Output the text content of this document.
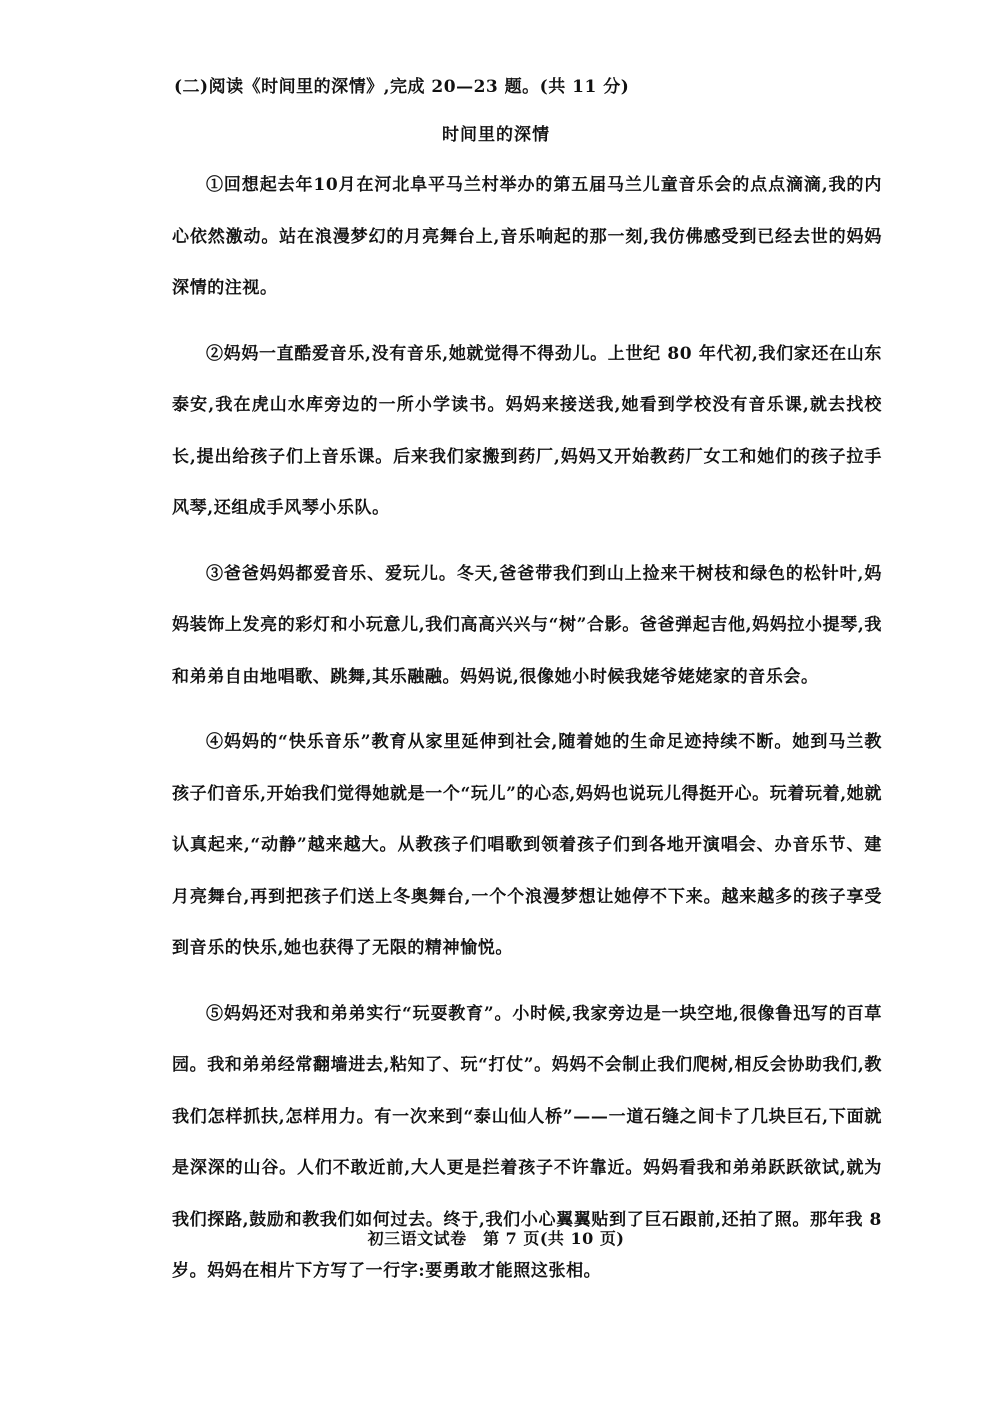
(二)阅读《时间里的深情》,完成 20—23 题。(共 11 分)
时间里的深情

①回想起去年10月在河北阜平马兰村举办的第五届马兰儿童音乐会的点点滴滴,我的内心依然激动。站在浪漫梦幻的月亮舞台上,音乐响起的那一刻,我仿佛感受到已经去世的妈妈深情的注视。

②妈妈一直酷爱音乐,没有音乐,她就觉得不得劲儿。上世纪 80 年代初,我们家还在山东泰安,我在虎山水库旁边的一所小学读书。妈妈来接送我,她看到学校没有音乐课,就去找校长,提出给孩子们上音乐课。后来我们家搬到药厂,妈妈又开始教药厂女工和她们的孩子拉手风琴,还组成手风琴小乐队。

③爸爸妈妈都爱音乐、爱玩儿。冬天,爸爸带我们到山上捡来干树枝和绿色的松针叶,妈妈装饰上发亮的彩灯和小玩意儿,我们高高兴兴与“树”合影。爸爸弹起吉他,妈妈拉小提琴,我和弟弟自由地唱歌、跳舞,其乐融融。妈妈说,很像她小时候我姥爷姥姥家的音乐会。

④妈妈的“快乐音乐”教育从家里延伸到社会,随着她的生命足迹持续不断。她到马兰教孩子们音乐,开始我们觉得她就是一个“玩儿”的心态,妈妈也说玩儿得挺开心。玩着玩着,她就认真起来,“动静”越来越大。从教孩子们唱歌到领着孩子们到各地开演唱会、办音乐节、建月亮舞台,再到把孩子们送上冬奥舞台,一个个浪漫梦想让她停不下来。越来越多的孩子享受到音乐的快乐,她也获得了无限的精神愉悦。

⑤妈妈还对我和弟弟实行“玩耍教育”。小时候,我家旁边是一块空地,很像鲁迅写的百草园。我和弟弟经常翻墙进去,粘知了、玩“打仗”。妈妈不会制止我们爬树,相反会协助我们,教我们怎样抓扶,怎样用力。有一次来到“泰山仙人桥”——一道石缝之间卡了几块巨石,下面就是深深的山谷。人们不敢近前,大人更是拦着孩子不许靠近。妈妈看我和弟弟跃跃欲试,就为我们探路,鼓励和教我们如何过去。终于,我们小心翼翼贴到了巨石跟前,还拍了照。那年我 8 岁。妈妈在相片下方写了一行字:要勇敢才能照这张相。

初三语文试卷　第 7 页(共 10 页)
